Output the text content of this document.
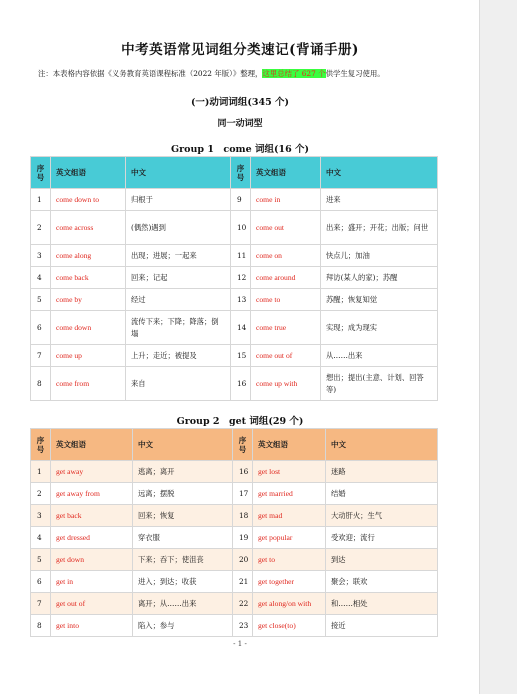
中考英语常见词组分类速记(背诵手册)
注：本表格内容依据《义务教育英语课程标准（2022 年版）》整理，这里总结了 627 个供学生复习使用。
(一)动词词组(345 个)
同一动词型
Group 1　come 词组(16 个)
序号	英文组语	中文	序号	英文组语	中文
1	come down to	归根于	9	come in	进来
2	come across	(偶然)遇到	10	come out	出来；盛开；开花；出版；问世
3	come along	出现；进展；一起来	11	come on	快点儿；加油
4	come back	回来；记起	12	come around	拜访(某人的家)；苏醒
5	come by	经过	13	come to	苏醒；恢复知觉
6	come down	流传下来；下降；降落；倒塌	14	come true	实现；成为现实
7	come up	上升；走近；被提及	15	come out of	从……出来
8	come from	来自	16	come up with	想出；提出(主意、计划、回答等)
Group 2　get 词组(29 个)
序号	英文组语	中文	序号	英文组语	中文
1	get away	逃离；离开	16	get lost	迷路
2	get away from	远离；摆脱	17	get married	结婚
3	get back	回来；恢复	18	get mad	大动肝火；生气
4	get dressed	穿衣服	19	get popular	受欢迎；流行
5	get down	下来；吞下；使沮丧	20	get to	到达
6	get in	进入；到达；收获	21	get together	聚会；联欢
7	get out of	离开；从……出来	22	get along/on with	和……相处
8	get into	陷入；参与	23	get close(to)	接近
- 1 -
